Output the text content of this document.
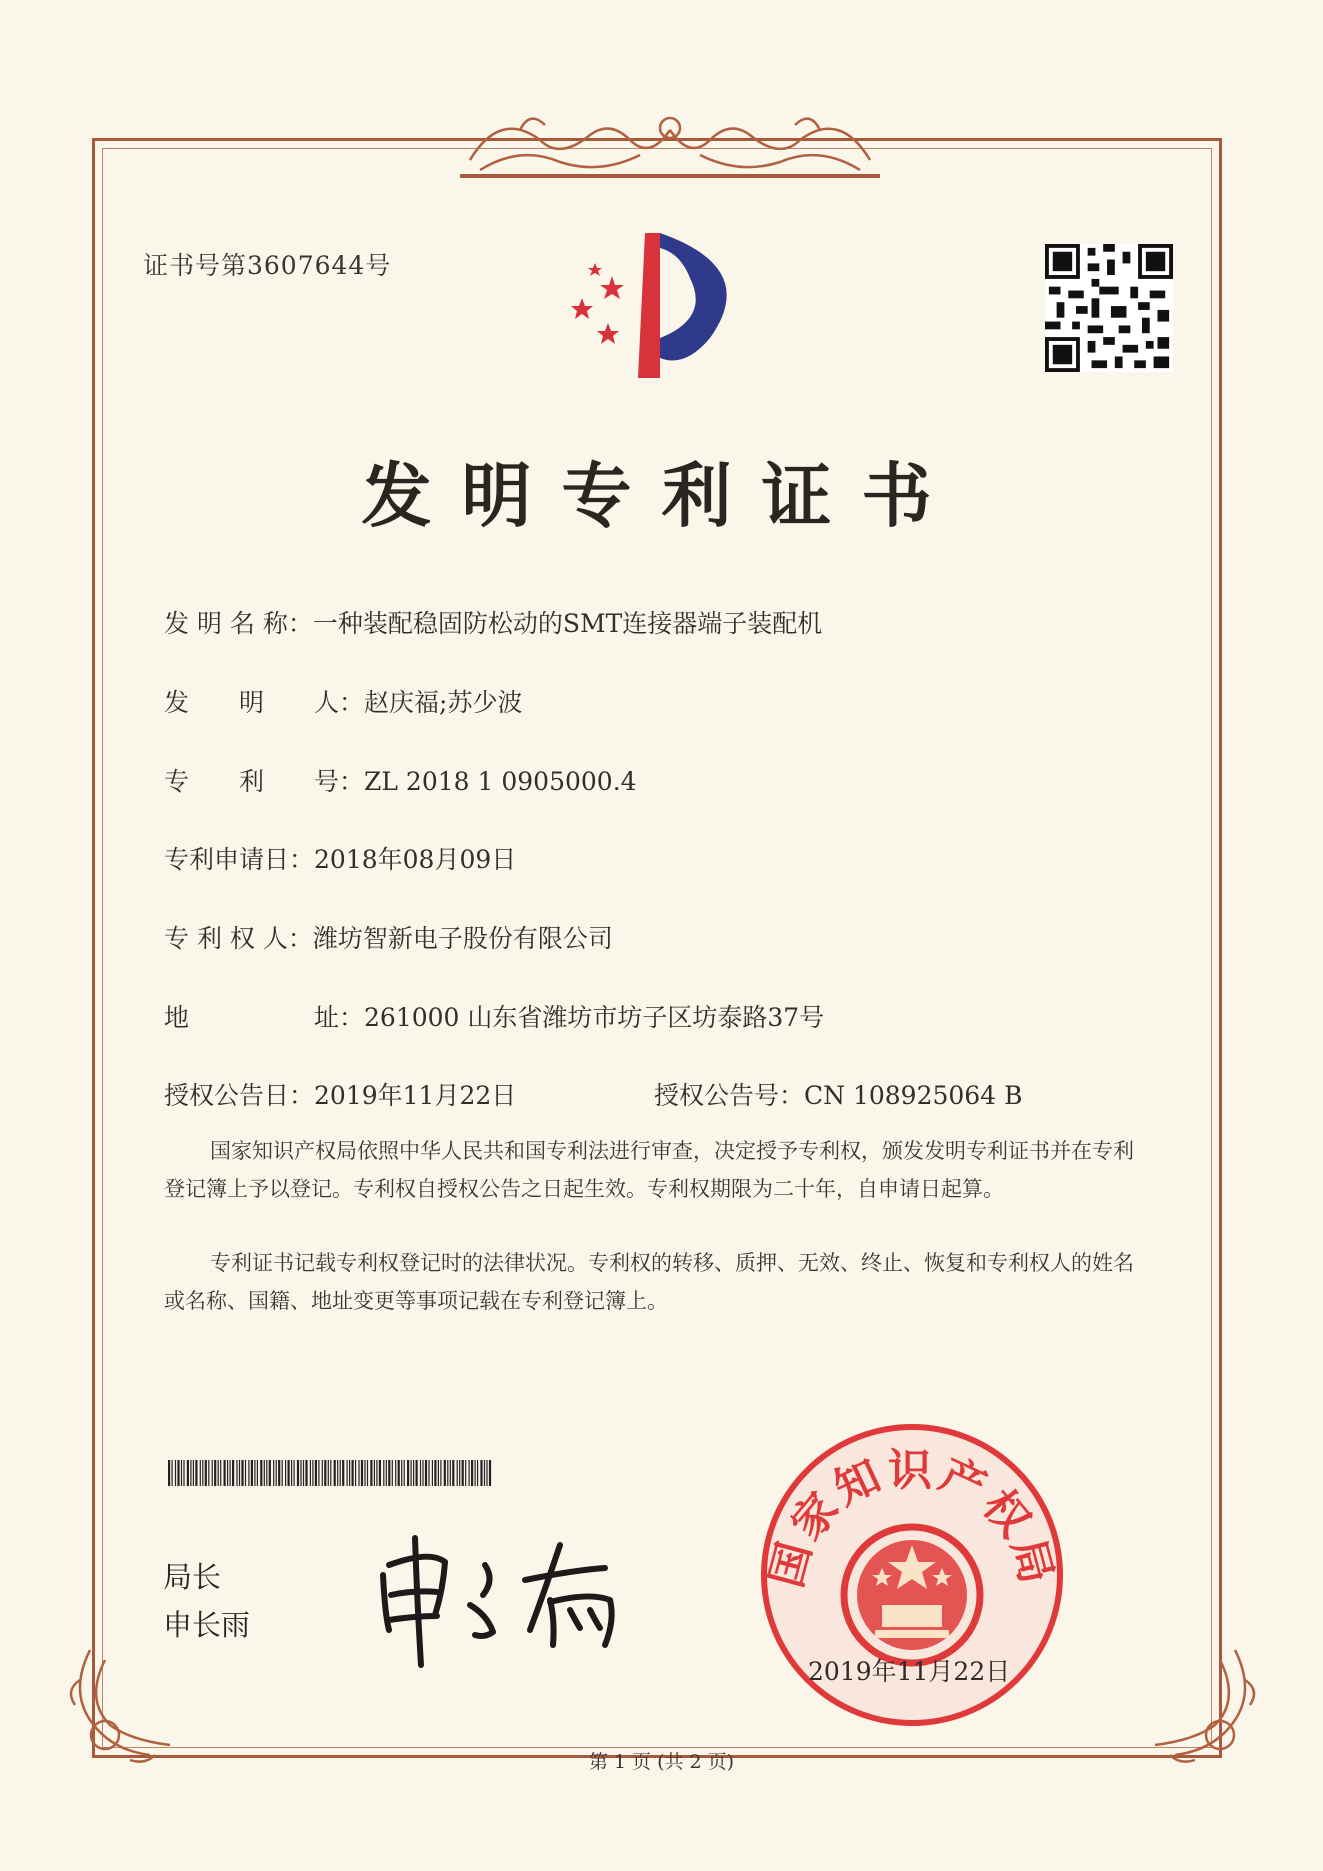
证书号第3607644号
发明专利证书
发 明 名 称：一种装配稳固防松动的SMT连接器端子装配机
发　　明　　人：赵庆福;苏少波
专　　利　　号：ZL 2018 1 0905000.4
专利申请日：2018年08月09日
专 利 权 人：潍坊智新电子股份有限公司
地　　　　　址：261000 山东省潍坊市坊子区坊泰路37号
授权公告日：2019年11月22日	授权公告号：CN 108925064 B
国家知识产权局依照中华人民共和国专利法进行审查，决定授予专利权，颁发发明专利证书并在专利登记簿上予以登记。专利权自授权公告之日起生效。专利权期限为二十年，自申请日起算。
专利证书记载专利权登记时的法律状况。专利权的转移、质押、无效、终止、恢复和专利权人的姓名或名称、国籍、地址变更等事项记载在专利登记簿上。
局长
申长雨
国家知识产权局
2019年11月22日
第 1 页 (共 2 页)
